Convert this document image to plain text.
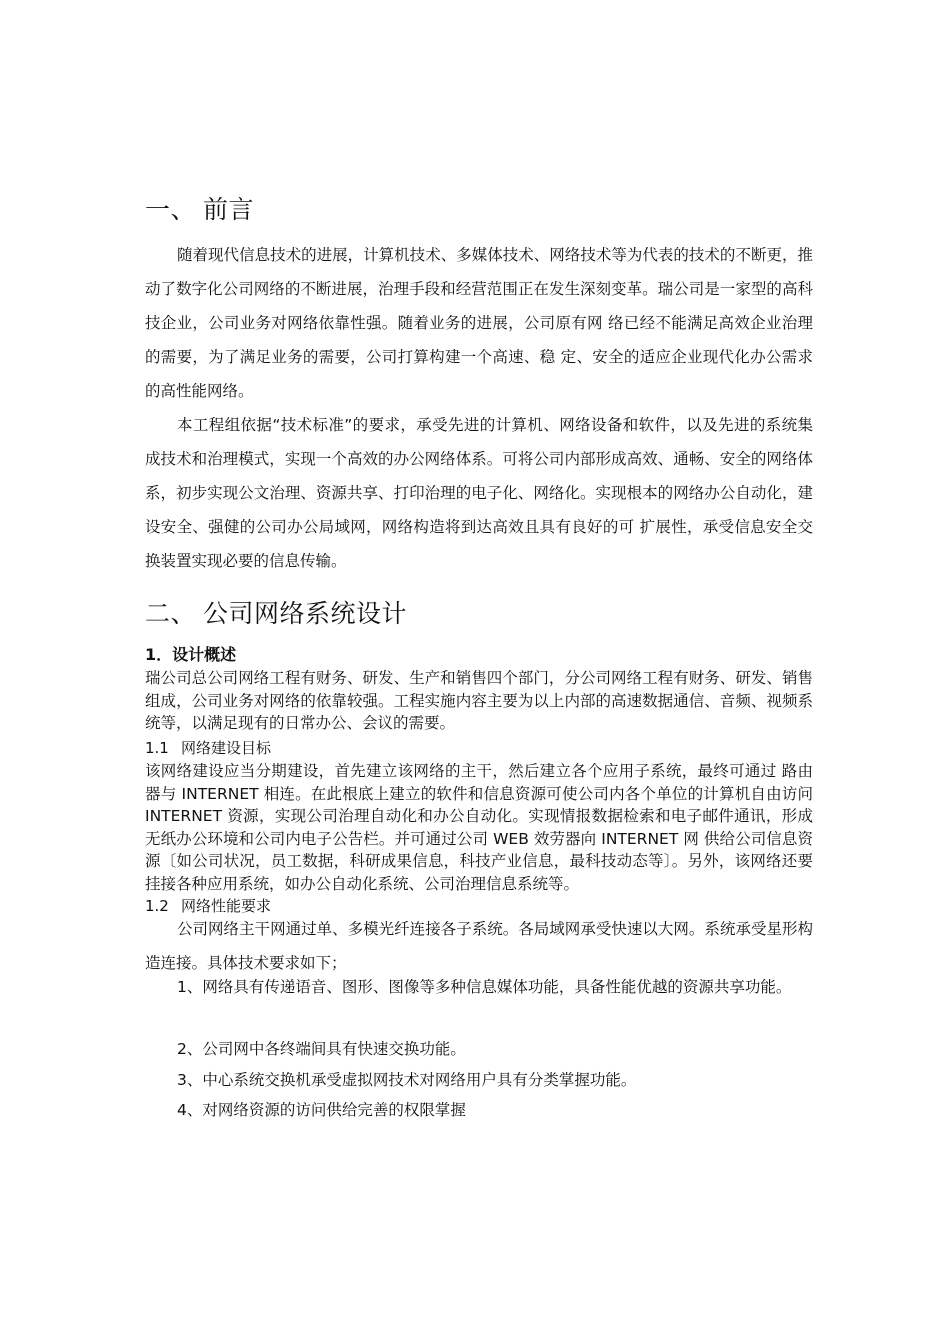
一、 前言
随着现代信息技术的进展，计算机技术、多媒体技术、网络技术等为代表的技术的不断更，推动了数字化公司网络的不断进展，治理手段和经营范围正在发生深刻变革。瑞公司是一家型的高科技企业，公司业务对网络依靠性强。随着业务的进展，公司原有网 络已经不能满足高效企业治理的需要，为了满足业务的需要，公司打算构建一个高速、稳 定、安全的适应企业现代化办公需求的高性能网络。
本工程组依据“技术标准”的要求，承受先进的计算机、网络设备和软件，以及先进的系统集成技术和治理模式，实现一个高效的办公网络体系。可将公司内部形成高效、通畅、安全的网络体系，初步实现公文治理、资源共享、打印治理的电子化、网络化。实现根本的网络办公自动化，建设安全、强健的公司办公局域网，网络构造将到达高效且具有良好的可 扩展性，承受信息安全交换装置实现必要的信息传输。
二、 公司网络系统设计
1．设计概述
瑞公司总公司网络工程有财务、研发、生产和销售四个部门，分公司网络工程有财务、研发、销售组成，公司业务对网络的依靠较强。工程实施内容主要为以上内部的高速数据通信、音频、视频系统等，以满足现有的日常办公、会议的需要。
1.1 网络建设目标
该网络建设应当分期建设，首先建立该网络的主干，然后建立各个应用子系统，最终可通过 路由器与 INTERNET 相连。在此根底上建立的软件和信息资源可使公司内各个单位的计算机自由访问 INTERNET 资源，实现公司治理自动化和办公自动化。实现情报数据检索和电子邮件通讯，形成无纸办公环境和公司内电子公告栏。并可通过公司 WEB 效劳器向 INTERNET 网 供给公司信息资源〔如公司状况，员工数据，科研成果信息，科技产业信息，最科技动态等〕。另外，该网络还要挂接各种应用系统，如办公自动化系统、公司治理信息系统等。
1.2 网络性能要求
公司网络主干网通过单、多模光纤连接各子系统。各局域网承受快速以大网。系统承受星形构造连接。具体技术要求如下；
1、网络具有传递语音、图形、图像等多种信息媒体功能，具备性能优越的资源共享功能。
2、公司网中各终端间具有快速交换功能。
3、中心系统交换机承受虚拟网技术对网络用户具有分类掌握功能。
4、对网络资源的访问供给完善的权限掌握
